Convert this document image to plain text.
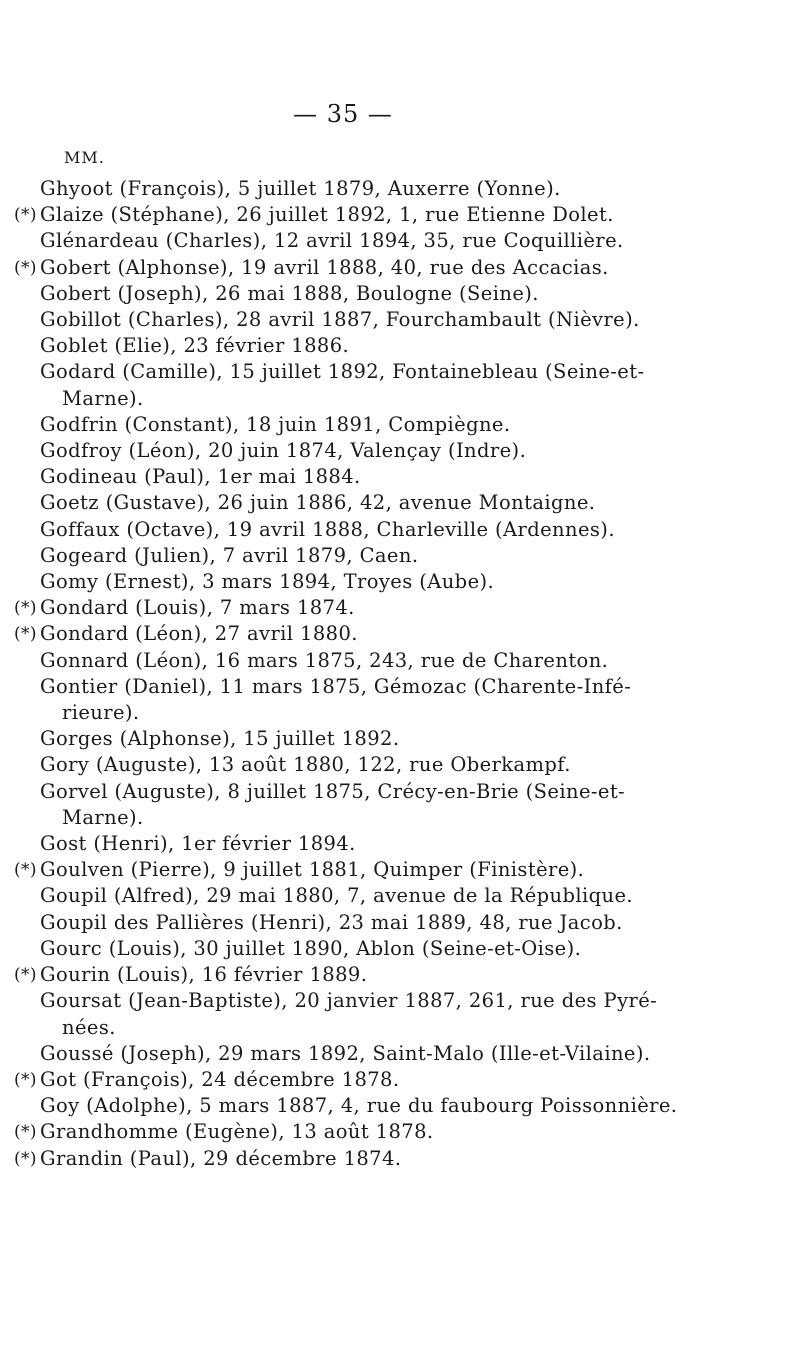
— 35 —
MM.
Ghyoot (François), 5 juillet 1879, Auxerre (Yonne).
(*) Glaize (Stéphane), 26 juillet 1892, 1, rue Etienne Dolet.
Glénardeau (Charles), 12 avril 1894, 35, rue Coquillière.
(*) Gobert (Alphonse), 19 avril 1888, 40, rue des Accacias.
Gobert (Joseph), 26 mai 1888, Boulogne (Seine).
Gobillot (Charles), 28 avril 1887, Fourchambault (Nièvre).
Goblet (Elie), 23 février 1886.
Godard (Camille), 15 juillet 1892, Fontainebleau (Seine-et-
Marne).
Godfrin (Constant), 18 juin 1891, Compiègne.
Godfroy (Léon), 20 juin 1874, Valençay (Indre).
Godineau (Paul), 1er mai 1884.
Goetz (Gustave), 26 juin 1886, 42, avenue Montaigne.
Goffaux (Octave), 19 avril 1888, Charleville (Ardennes).
Gogeard (Julien), 7 avril 1879, Caen.
Gomy (Ernest), 3 mars 1894, Troyes (Aube).
(*) Gondard (Louis), 7 mars 1874.
(*) Gondard (Léon), 27 avril 1880.
Gonnard (Léon), 16 mars 1875, 243, rue de Charenton.
Gontier (Daniel), 11 mars 1875, Gémozac (Charente-Infé-
rieure).
Gorges (Alphonse), 15 juillet 1892.
Gory (Auguste), 13 août 1880, 122, rue Oberkampf.
Gorvel (Auguste), 8 juillet 1875, Crécy-en-Brie (Seine-et-
Marne).
Gost (Henri), 1er février 1894.
(*) Goulven (Pierre), 9 juillet 1881, Quimper (Finistère).
Goupil (Alfred), 29 mai 1880, 7, avenue de la République.
Goupil des Pallières (Henri), 23 mai 1889, 48, rue Jacob.
Gourc (Louis), 30 juillet 1890, Ablon (Seine-et-Oise).
(*) Gourin (Louis), 16 février 1889.
Goursat (Jean-Baptiste), 20 janvier 1887, 261, rue des Pyré-
nées.
Goussé (Joseph), 29 mars 1892, Saint-Malo (Ille-et-Vilaine).
(*) Got (François), 24 décembre 1878.
Goy (Adolphe), 5 mars 1887, 4, rue du faubourg Poissonnière.
(*) Grandhomme (Eugène), 13 août 1878.
(*) Grandin (Paul), 29 décembre 1874.
